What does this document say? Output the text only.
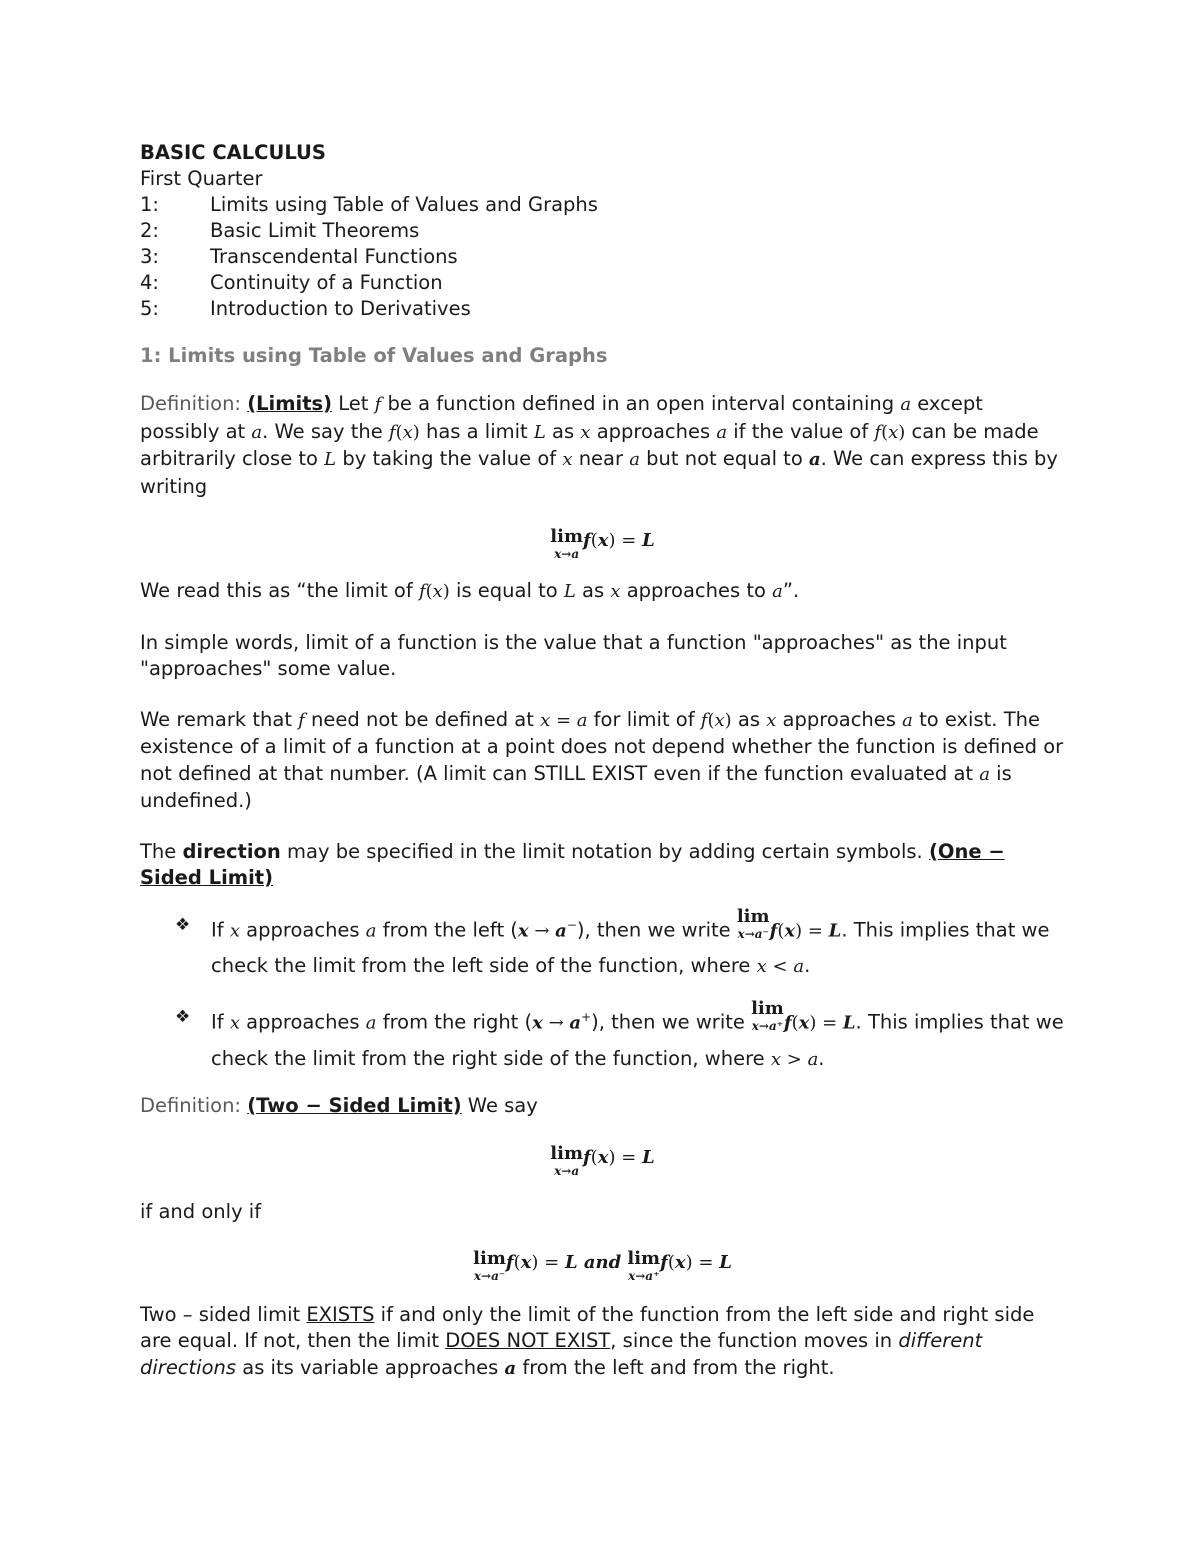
BASIC CALCULUS
First Quarter
1:	Limits using Table of Values and Graphs
2:	Basic Limit Theorems
3:	Transcendental Functions
4:	Continuity of a Function
5:	Introduction to Derivatives
1: Limits using Table of Values and Graphs
Definition: (Limits) Let f be a function defined in an open interval containing a except possibly at a. We say the f(x) has a limit L as x approaches a if the value of f(x) can be made arbitrarily close to L by taking the value of x near a but not equal to a. We can express this by writing
lim
x→a
f(x) = L
We read this as “the limit of f(x) is equal to L as x approaches to a”.
In simple words, limit of a function is the value that a function "approaches" as the input "approaches" some value.
We remark that f need not be defined at x = a for limit of f(x) as x approaches a to exist. The existence of a limit of a function at a point does not depend whether the function is defined or not defined at that number. (A limit can STILL EXIST even if the function evaluated at a is undefined.)
The direction may be specified in the limit notation by adding certain symbols. (One − Sided Limit)
❖ If x approaches a from the left (x → a−), then we write
lim
x→a⁻ f(x) = L. This implies that we check the limit from the left side of the function, where x < a.
❖ If x approaches a from the right (x → a+), then we write
lim
x→a⁺ f(x) = L. This implies that we check the limit from the right side of the function, where x > a.
Definition: (Two − Sided Limit) We say
lim
x→a
f(x) = L
if and only if
lim
x→a⁻
f(x) = L and lim
x→a⁺
f(x) = L
Two – sided limit EXISTS if and only the limit of the function from the left side and right side are equal. If not, then the limit DOES NOT EXIST, since the function moves in different directions as its variable approaches a from the left and from the right.
